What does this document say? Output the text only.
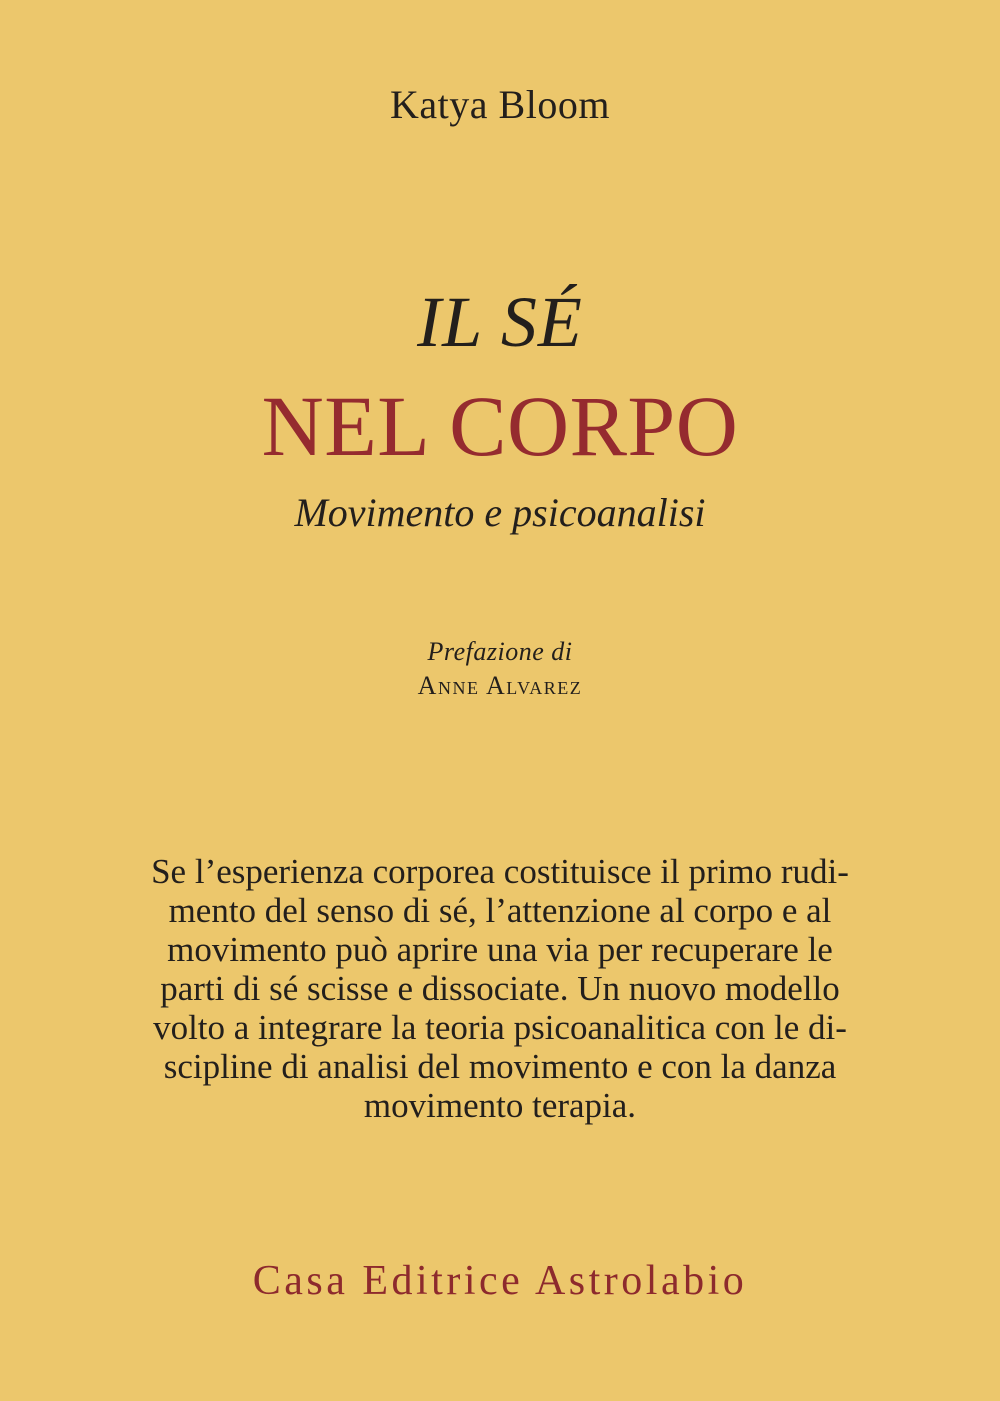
Katya Bloom
IL SÉ
NEL CORPO
Movimento e psicoanalisi
Prefazione di
Anne Alvarez
Se l’esperienza corporea costituisce il primo rudi-
mento del senso di sé, l’attenzione al corpo e al
movimento può aprire una via per recuperare le
parti di sé scisse e dissociate. Un nuovo modello
volto a integrare la teoria psicoanalitica con le di-
scipline di analisi del movimento e con la danza
movimento terapia.
Casa Editrice Astrolabio
